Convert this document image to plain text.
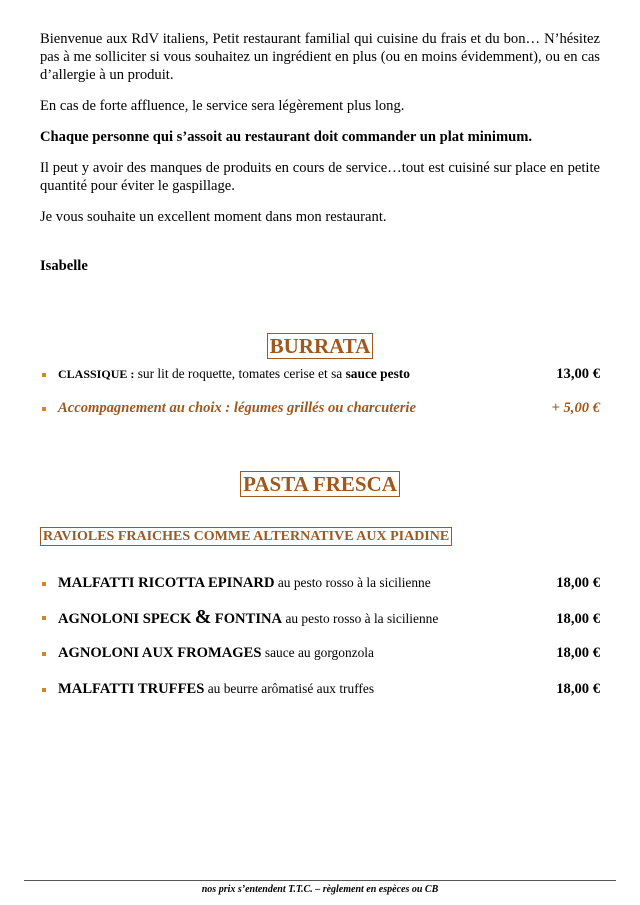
Bienvenue aux RdV italiens, Petit restaurant familial qui cuisine du frais et du bon… N’hésitez pas à me solliciter si vous souhaitez un ingrédient en plus (ou en moins évidemment), ou en cas d’allergie à un produit.

En cas de forte affluence, le service sera légèrement plus long.

Chaque personne qui s’assoit au restaurant doit commander un plat minimum.

Il peut y avoir des manques de produits en cours de service…tout est cuisiné sur place en petite quantité pour éviter le gaspillage.

Je vous souhaite un excellent moment dans mon restaurant.

Isabelle
BURRATA
CLASSIQUE : sur lit de roquette, tomates cerise et sa sauce pesto	13,00 €
Accompagnement au choix : légumes grillés ou charcuterie	+ 5,00 €
PASTA FRESCA
RAVIOLES FRAICHES COMME ALTERNATIVE AUX PIADINE
MALFATTI RICOTTA EPINARD au pesto rosso à la sicilienne	18,00 €
AGNOLONI SPECK & FONTINA au pesto rosso à la sicilienne	18,00 €
AGNOLONI AUX FROMAGES sauce au gorgonzola	18,00 €
MALFATTI TRUFFES au beurre arômatisé aux truffes	18,00 €
nos prix s’entendent T.T.C. – règlement en espèces ou CB
